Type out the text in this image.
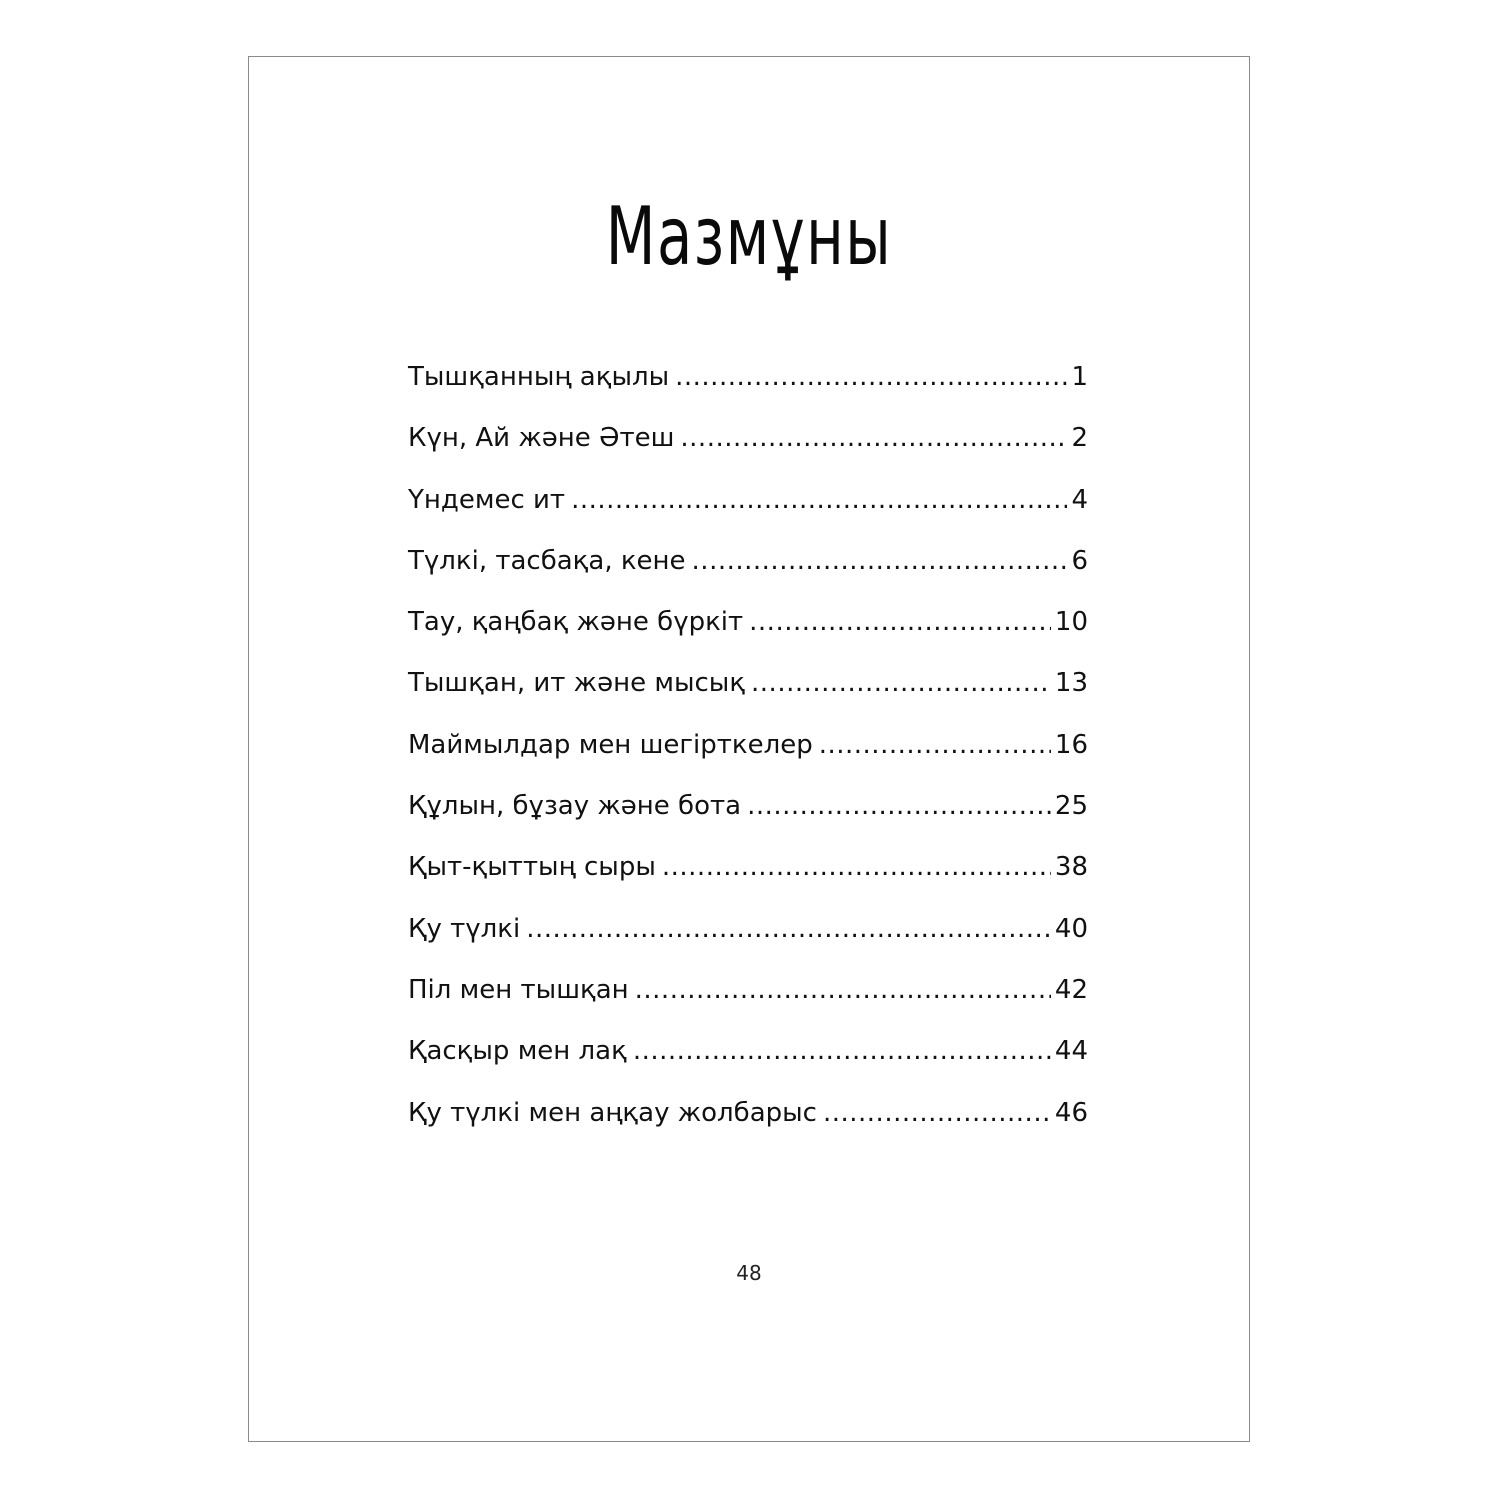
Мазмұны
Тышқанның ақылы .....	1
Күн, Ай және Әтеш .....	2
Үндемес ит .....	4
Түлкі, тасбақа, кене .....	6
Тау, қаңбақ және бүркіт .....	10
Тышқан, ит және мысық .....	13
Маймылдар мен шегірткелер .....	16
Құлын, бұзау және бота .....	25
Қыт-қыттың сыры .....	38
Қу түлкі .....	40
Піл мен тышқан .....	42
Қасқыр мен лақ .....	44
Қу түлкі мен аңқау жолбарыс .....	46
48
